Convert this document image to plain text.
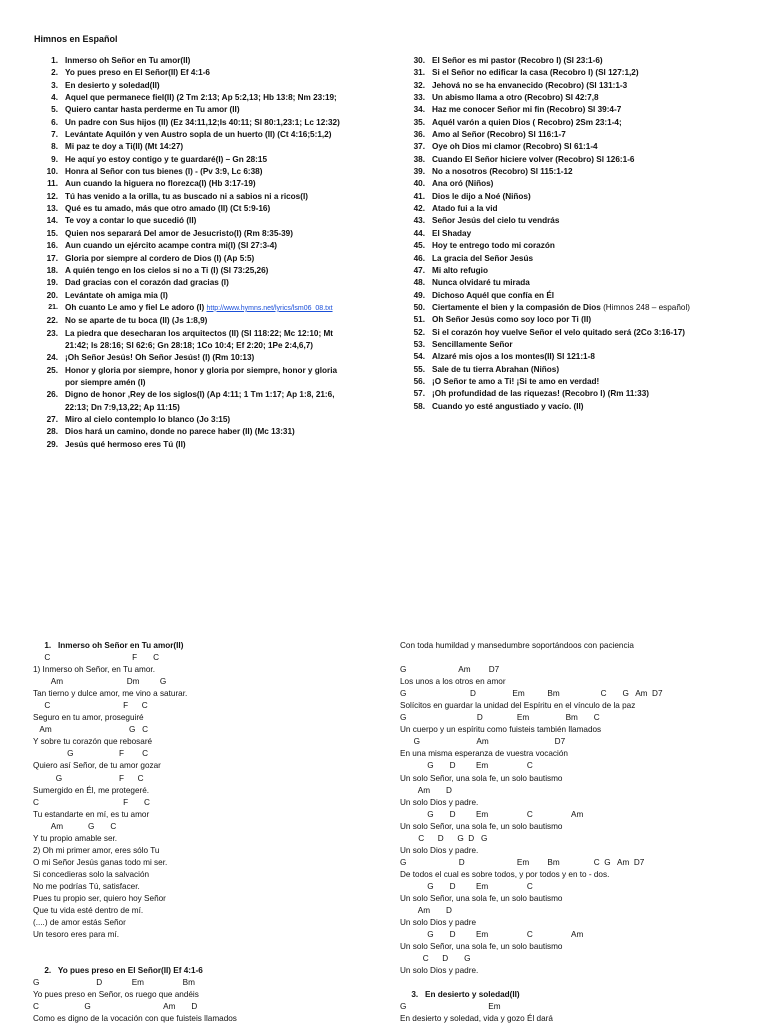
Himnos en Español
1. Inmerso oh Señor en Tu amor(II)
2. Yo pues preso en El Señor(II) Ef 4:1-6
3. En desierto y soledad(II)
4. Aquel que permanece fiel(II) (2 Tm 2:13; Ap 5:2,13; Hb 13:8; Nm 23:19;
5. Quiero cantar hasta perderme en Tu amor (II)
6. Un padre con Sus hijos (II) (Ez 34:11,12;Is 40:11; Sl 80:1,23:1; Lc 12:32)
7. Levántate Aquilón y ven Austro sopla de un huerto (II) (Ct 4:16;5:1,2)
8. Mi paz te doy a Ti(II) (Mt 14:27)
9. He aquí yo estoy contigo y te guardaré(I) – Gn 28:15
10. Honra al Señor con tus bienes (I) - (Pv 3:9, Lc 6:38)
11. Aun cuando la higuera no florezca(I) (Hb 3:17-19)
12. Tú has venido a la orilla, tu as buscado ni a sabios ni a ricos(I)
13. Qué es tu amado, más que otro amado (II) (Ct 5:9-16)
14. Te voy a contar lo que sucedió (II)
15. Quien nos separará Del amor de Jesucristo(I) (Rm 8:35-39)
16. Aun cuando un ejército acampe contra mi(I) (Sl 27:3-4)
17. Gloria por siempre al cordero de Dios (I) (Ap 5:5)
18. A quién tengo en los cielos si no a Ti (I) (Sl 73:25,26)
19. Dad gracias con el corazón dad gracias (I)
20. Levántate oh amiga mia (I)
21. Oh cuanto Le amo y fiel Le adoro (I) http://www.hymns.net/lyrics/lsm06_08.txt
22. No se aparte de tu boca (II) (Js 1:8,9)
23. La piedra que desecharan los arquitectos (II) (Sl 118:22; Mc 12:10; Mt
21:42; Is 28:16; Sl 62:6; Gn 28:18; 1Co 10:4; Ef 2:20; 1Pe 2:4,6,7)
24. ¡Oh Señor Jesús! Oh Señor Jesús! (I) (Rm 10:13)
25. Honor y gloria por siempre, honor y gloria por siempre, honor y gloria
por siempre amén (I)
26. Digno de honor ,Rey de los siglos(I) (Ap 4:11; 1 Tm 1:17; Ap 1:8, 21:6,
22:13; Dn 7:9,13,22; Ap 11:15)
27. Miro al cielo contemplo lo blanco (Jo 3:15)
28. Dios hará un camino, donde no parece haber (II) (Mc 13:31)
29. Jesús qué hermoso eres Tú (II)
30. El Señor es mi pastor (Recobro I) (Sl 23:1-6)
31. Si el Señor no edificar la casa (Recobro I) (Sl 127:1,2)
32. Jehová no se ha envanecido (Recobro) (Sl 131:1-3
33. Un abismo llama a otro (Recobro) Sl 42:7,8
34. Haz me conocer Señor mi fin (Recobro) Sl 39:4-7
35. Aquél varón a quien Dios ( Recobro) 2Sm 23:1-4;
36. Amo al Señor (Recobro) Sl 116:1-7
37. Oye oh Dios mi clamor (Recobro) Sl 61:1-4
38. Cuando El Señor hiciere volver (Recobro) Sl 126:1-6
39. No a nosotros (Recobro) Sl 115:1-12
40. Ana oró (Niños)
41. Dios le dijo a Noé (Niños)
42. Atado fui a la vid
43. Señor Jesús del cielo tu vendrás
44. El Shaday
45. Hoy te entrego todo mi corazón
46. La gracia del Señor Jesús
47. Mi alto refugio
48. Nunca olvidaré tu mirada
49. Dichoso Aquél que confía en Él
50. Ciertamente el bien y la compasión de Dios (Himnos 248 – español)
51. Oh Señor Jesús como soy loco por Ti (II)
52. Si el corazón hoy vuelve Señor el velo quitado será (2Co 3:16-17)
53. Sencillamente Señor
54. Alzaré mis ojos a los montes(II) Sl 121:1-8
55. Sale de tu tierra Abrahan (Niños)
56. ¡O Señor te amo a Ti! ¡Si te amo en verdad!
57. ¡Oh profundidad de las riquezas! (Recobro I) (Rm 11:33)
58. Cuando yo esté angustiado y vacío. (II)
1.   Inmerso oh Señor en Tu amor(II)
C                                    F       C
1) Inmerso oh Señor, en Tu amor.
Am                            Dm         G
Tan tierno y dulce amor, me vino a saturar.
C                                F      C
Seguro en tu amor, proseguiré
Am                                  G   C
Y sobre tu corazón que rebosaré
G                    F        C
Quiero así Señor, de tu amor gozar
G                         F      C
Sumergido en Él, me protegeré.
C                                     F       C
Tu estandarte en mí, es tu amor
Am           G       C
Y tu propio amable ser.
2) Oh mi primer amor, eres sólo Tu
O mi Señor Jesús ganas todo mi ser.
Si concedieras solo la salvación
No me podrías Tú, satisfacer.
Pues tu propio ser, quiero hoy Señor
Que tu vida esté dentro de mí.
(....) de amor estás Señor
Un tesoro eres para mí.
2.   Yo pues preso en El Señor(II) Ef 4:1-6
G                         D             Em                 Bm
Yo pues preso en Señor, os ruego que andéis
C                    G                                Am       D
Como es digno de la vocación con que fuisteis llamados
Con toda humildad y mansedumbre soportándoos con paciencia
G                       Am        D7
Los unos a los otros en amor
G                            D                Em          Bm                  C       G   Am  D7
Solícitos en guardar la unidad del Espíritu en el vínculo de la paz
G                               D               Em                Bm       C
Un cuerpo y un espíritu como fuisteis también llamados
G                         Am                             D7
En una misma esperanza de vuestra vocación
G       D         Em                 C
Un solo Señor, una sola fe, un solo bautismo
Am       D
Un solo Dios y padre.
G       D         Em                 C                 Am
Un solo Señor, una sola fe, un solo bautismo
C      D      G  D   G
Un solo Dios y padre.
G                       D                       Em        Bm               C  G   Am  D7
De todos el cual es sobre todos, y por todos y en to - dos.
G       D         Em                 C
Un solo Señor, una sola fe, un solo bautismo
Am       D
Un solo Dios y padre
G       D         Em                 C                 Am
Un solo Señor, una sola fe, un solo bautismo
C      D       G
Un solo Dios y padre.
3.   En desierto y soledad(II)
G                                    Em
En desierto y soledad, vida y gozo Él dará
